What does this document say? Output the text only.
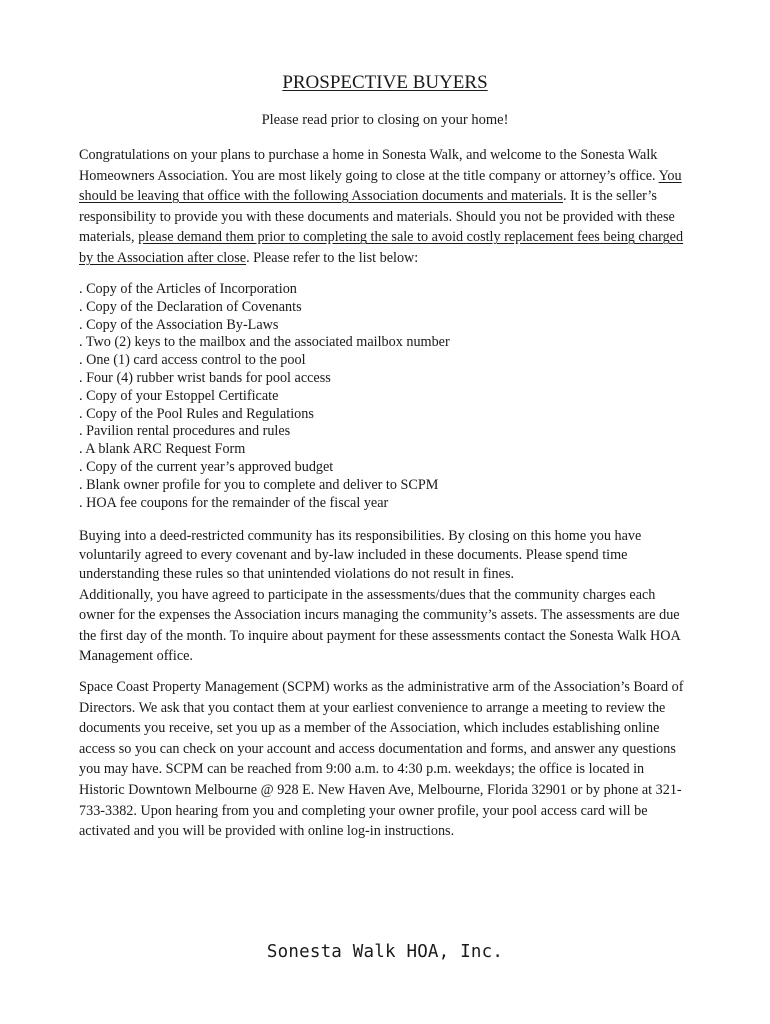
PROSPECTIVE BUYERS
Please read prior to closing on your home!

Congratulations on your plans to purchase a home in Sonesta Walk, and welcome to the Sonesta Walk Homeowners Association. You are most likely going to close at the title company or attorney’s office. You should be leaving that office with the following Association documents and materials. It is the seller’s responsibility to provide you with these documents and materials. Should you not be provided with these materials, please demand them prior to completing the sale to avoid costly replacement fees being charged by the Association after close. Please refer to the list below:

. Copy of the Articles of Incorporation
. Copy of the Declaration of Covenants
. Copy of the Association By-Laws
. Two (2) keys to the mailbox and the associated mailbox number
. One (1) card access control to the pool
. Four (4) rubber wrist bands for pool access
. Copy of your Estoppel Certificate
. Copy of the Pool Rules and Regulations
. Pavilion rental procedures and rules
. A blank ARC Request Form
. Copy of the current year’s approved budget
. Blank owner profile for you to complete and deliver to SCPM
. HOA fee coupons for the remainder of the fiscal year
Buying into a deed-restricted community has its responsibilities. By closing on this home you have voluntarily agreed to every covenant and by-law included in these documents. Please spend time understanding these rules so that unintended violations do not result in fines.
Additionally, you have agreed to participate in the assessments/dues that the community charges each owner for the expenses the Association incurs managing the community’s assets. The assessments are due the first day of the month. To inquire about payment for these assessments contact the Sonesta Walk HOA Management office.

Space Coast Property Management (SCPM) works as the administrative arm of the Association’s Board of Directors. We ask that you contact them at your earliest convenience to arrange a meeting to review the documents you receive, set you up as a member of the Association, which includes establishing online access so you can check on your account and access documentation and forms, and answer any questions you may have. SCPM can be reached from 9:00 a.m. to 4:30 p.m. weekdays; the office is located in Historic Downtown Melbourne @ 928 E. New Haven Ave, Melbourne, Florida 32901 or by phone at 321-733-3382. Upon hearing from you and completing your owner profile, your pool access card will be activated and you will be provided with online log-in instructions.

Sonesta Walk HOA, Inc.
